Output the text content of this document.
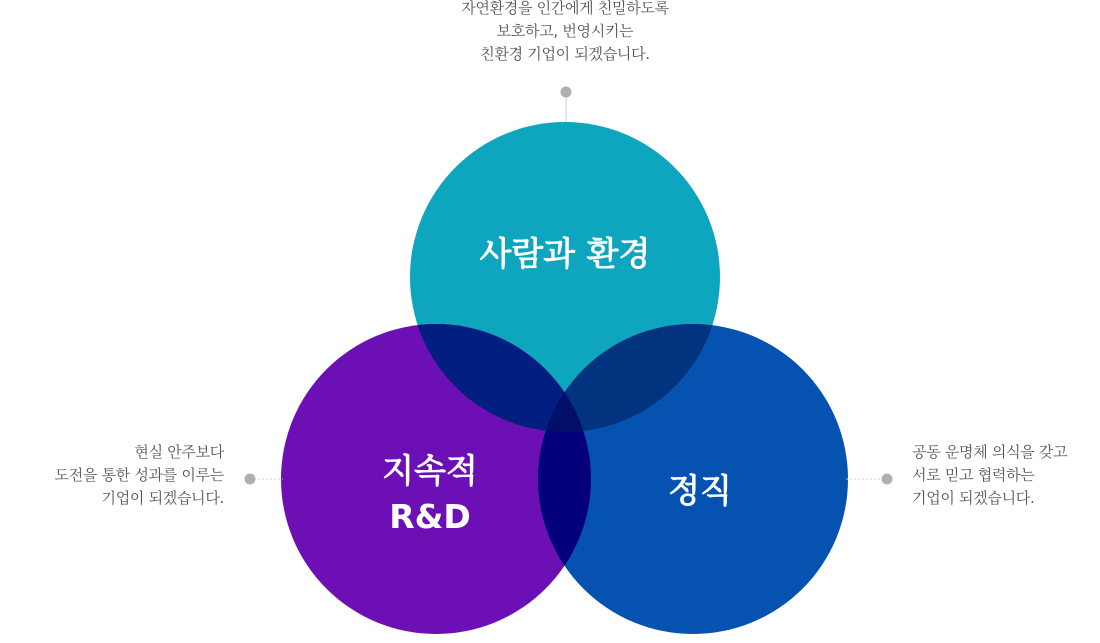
자연환경을 인간에게 친밀하도록
보호하고, 번영시키는
친환경 기업이 되겠습니다.
현실 안주보다
도전을 통한 성과를 이루는
기업이 되겠습니다.
공동 운명체 의식을 갖고
서로 믿고 협력하는
기업이 되겠습니다.
사람과 환경
지속적
R&D
정직
